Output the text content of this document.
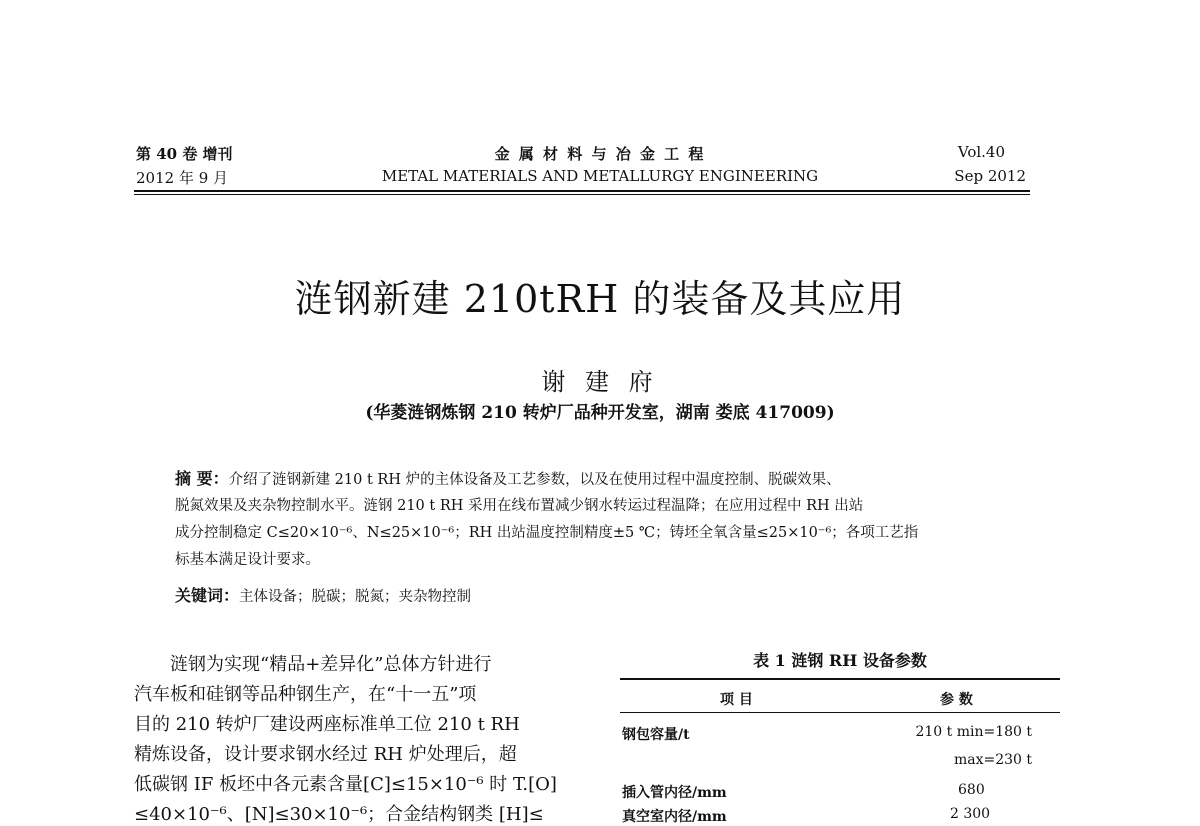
第 40 卷 增刊
2012 年 9 月
金 属 材 料 与 冶 金 工 程
METAL MATERIALS AND METALLURGY ENGINEERING
Vol.40
Sep 2012
涟钢新建 210tRH 的装备及其应用
谢 建 府
(华菱涟钢炼钢 210 转炉厂品种开发室，湖南 娄底 417009)
摘 要：介绍了涟钢新建 210 t RH 炉的主体设备及工艺参数，以及在使用过程中温度控制、脱碳效果、
脱氮效果及夹杂物控制水平。涟钢 210 t RH 采用在线布置减少钢水转运过程温降；在应用过程中 RH 出站
成分控制稳定 C≤20×10⁻⁶、N≤25×10⁻⁶；RH 出站温度控制精度±5 ℃；铸坯全氧含量≤25×10⁻⁶；各项工艺指
标基本满足设计要求。
关键词：主体设备；脱碳；脱氮；夹杂物控制
涟钢为实现“精品+差异化”总体方针进行
汽车板和硅钢等品种钢生产，在“十一五”项
目的 210 转炉厂建设两座标准单工位 210 t RH
精炼设备，设计要求钢水经过 RH 炉处理后，超
低碳钢 IF 板坯中各元素含量[C]≤15×10⁻⁶ 时 T.[O]
≤40×10⁻⁶、[N]≤30×10⁻⁶；合金结构钢类 [H]≤
表 1 涟钢 RH 设备参数
项 目	参 数
钢包容量/t	210 t min=180 t
max=230 t
插入管内径/mm	680
真空室内径/mm	2 300
